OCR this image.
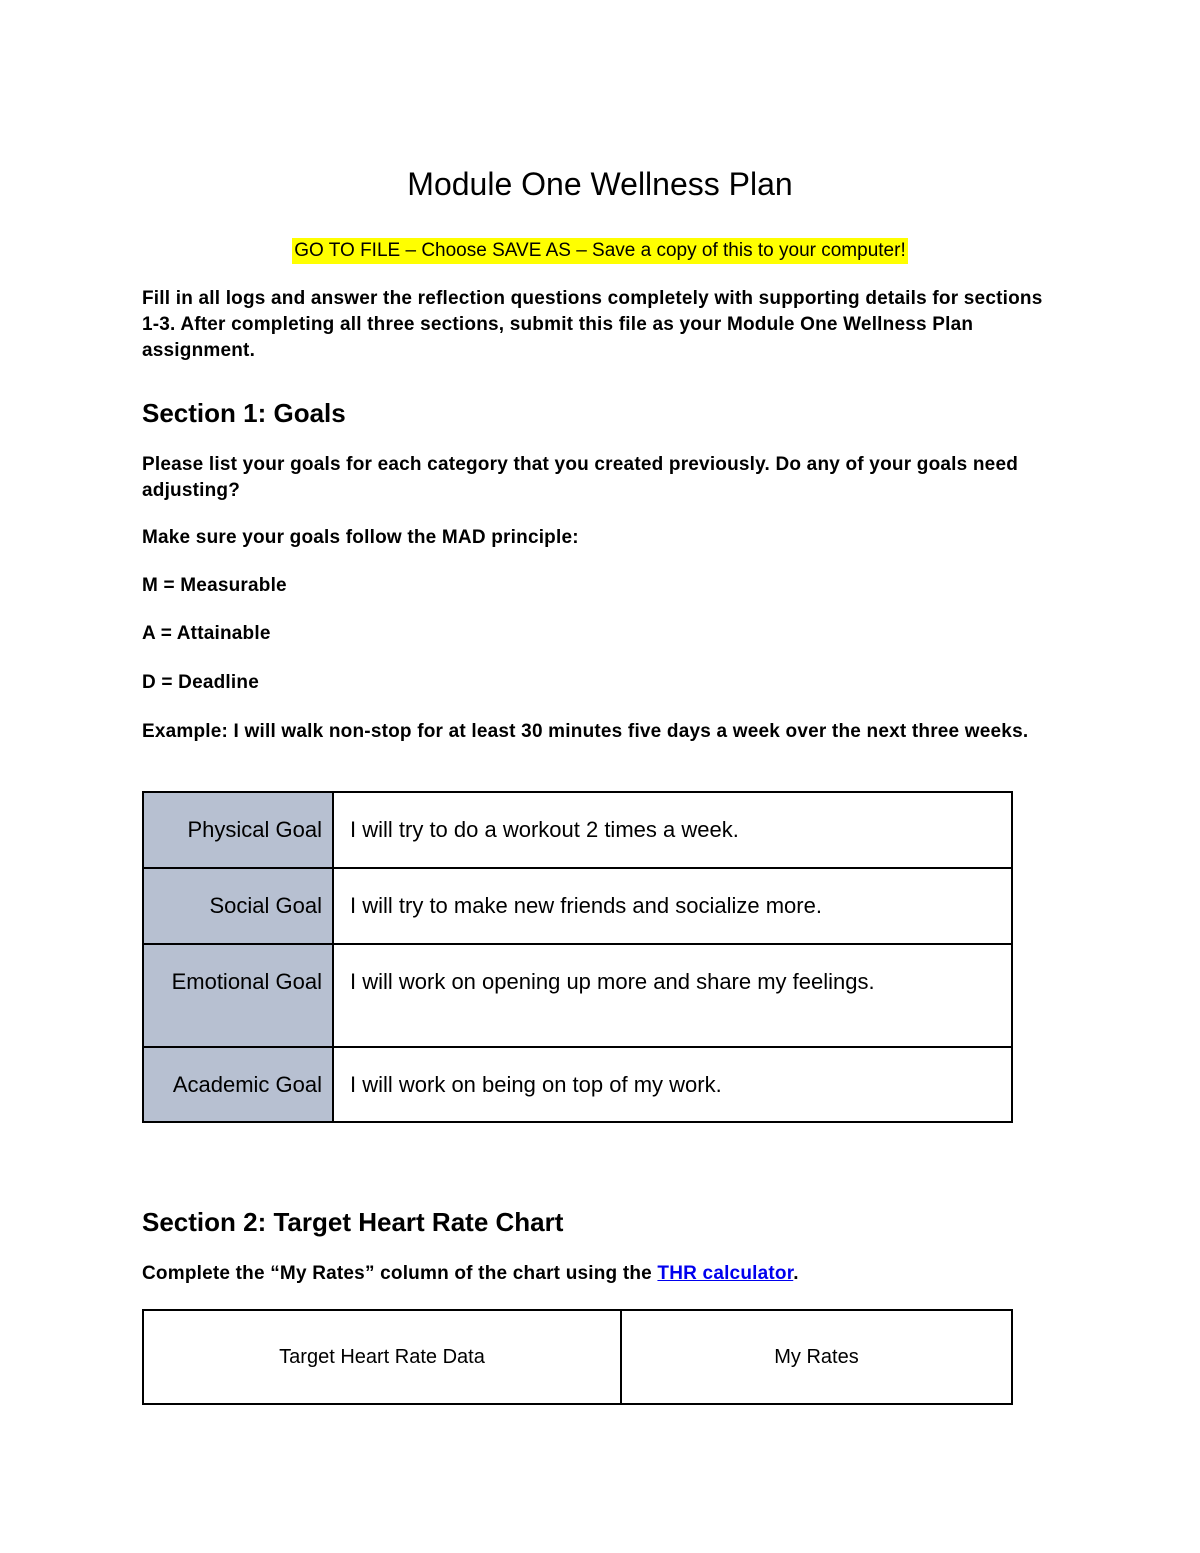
Module One Wellness Plan
GO TO FILE – Choose SAVE AS – Save a copy of this to your computer!

Fill in all logs and answer the reflection questions completely with supporting details for sections 1-3. After completing all three sections, submit this file as your Module One Wellness Plan assignment.

Section 1: Goals

Please list your goals for each category that you created previously. Do any of your goals need adjusting?

Make sure your goals follow the MAD principle:

M = Measurable

A = Attainable

D = Deadline

Example: I will walk non-stop for at least 30 minutes five days a week over the next three weeks.

Physical Goal	I will try to do a workout 2 times a week.
Social Goal	I will try to make new friends and socialize more.
Emotional Goal	I will work on opening up more and share my feelings.
Academic Goal	I will work on being on top of my work.
Section 2: Target Heart Rate Chart

Complete the “My Rates” column of the chart using the THR calculator.

Target Heart Rate Data	My Rates
